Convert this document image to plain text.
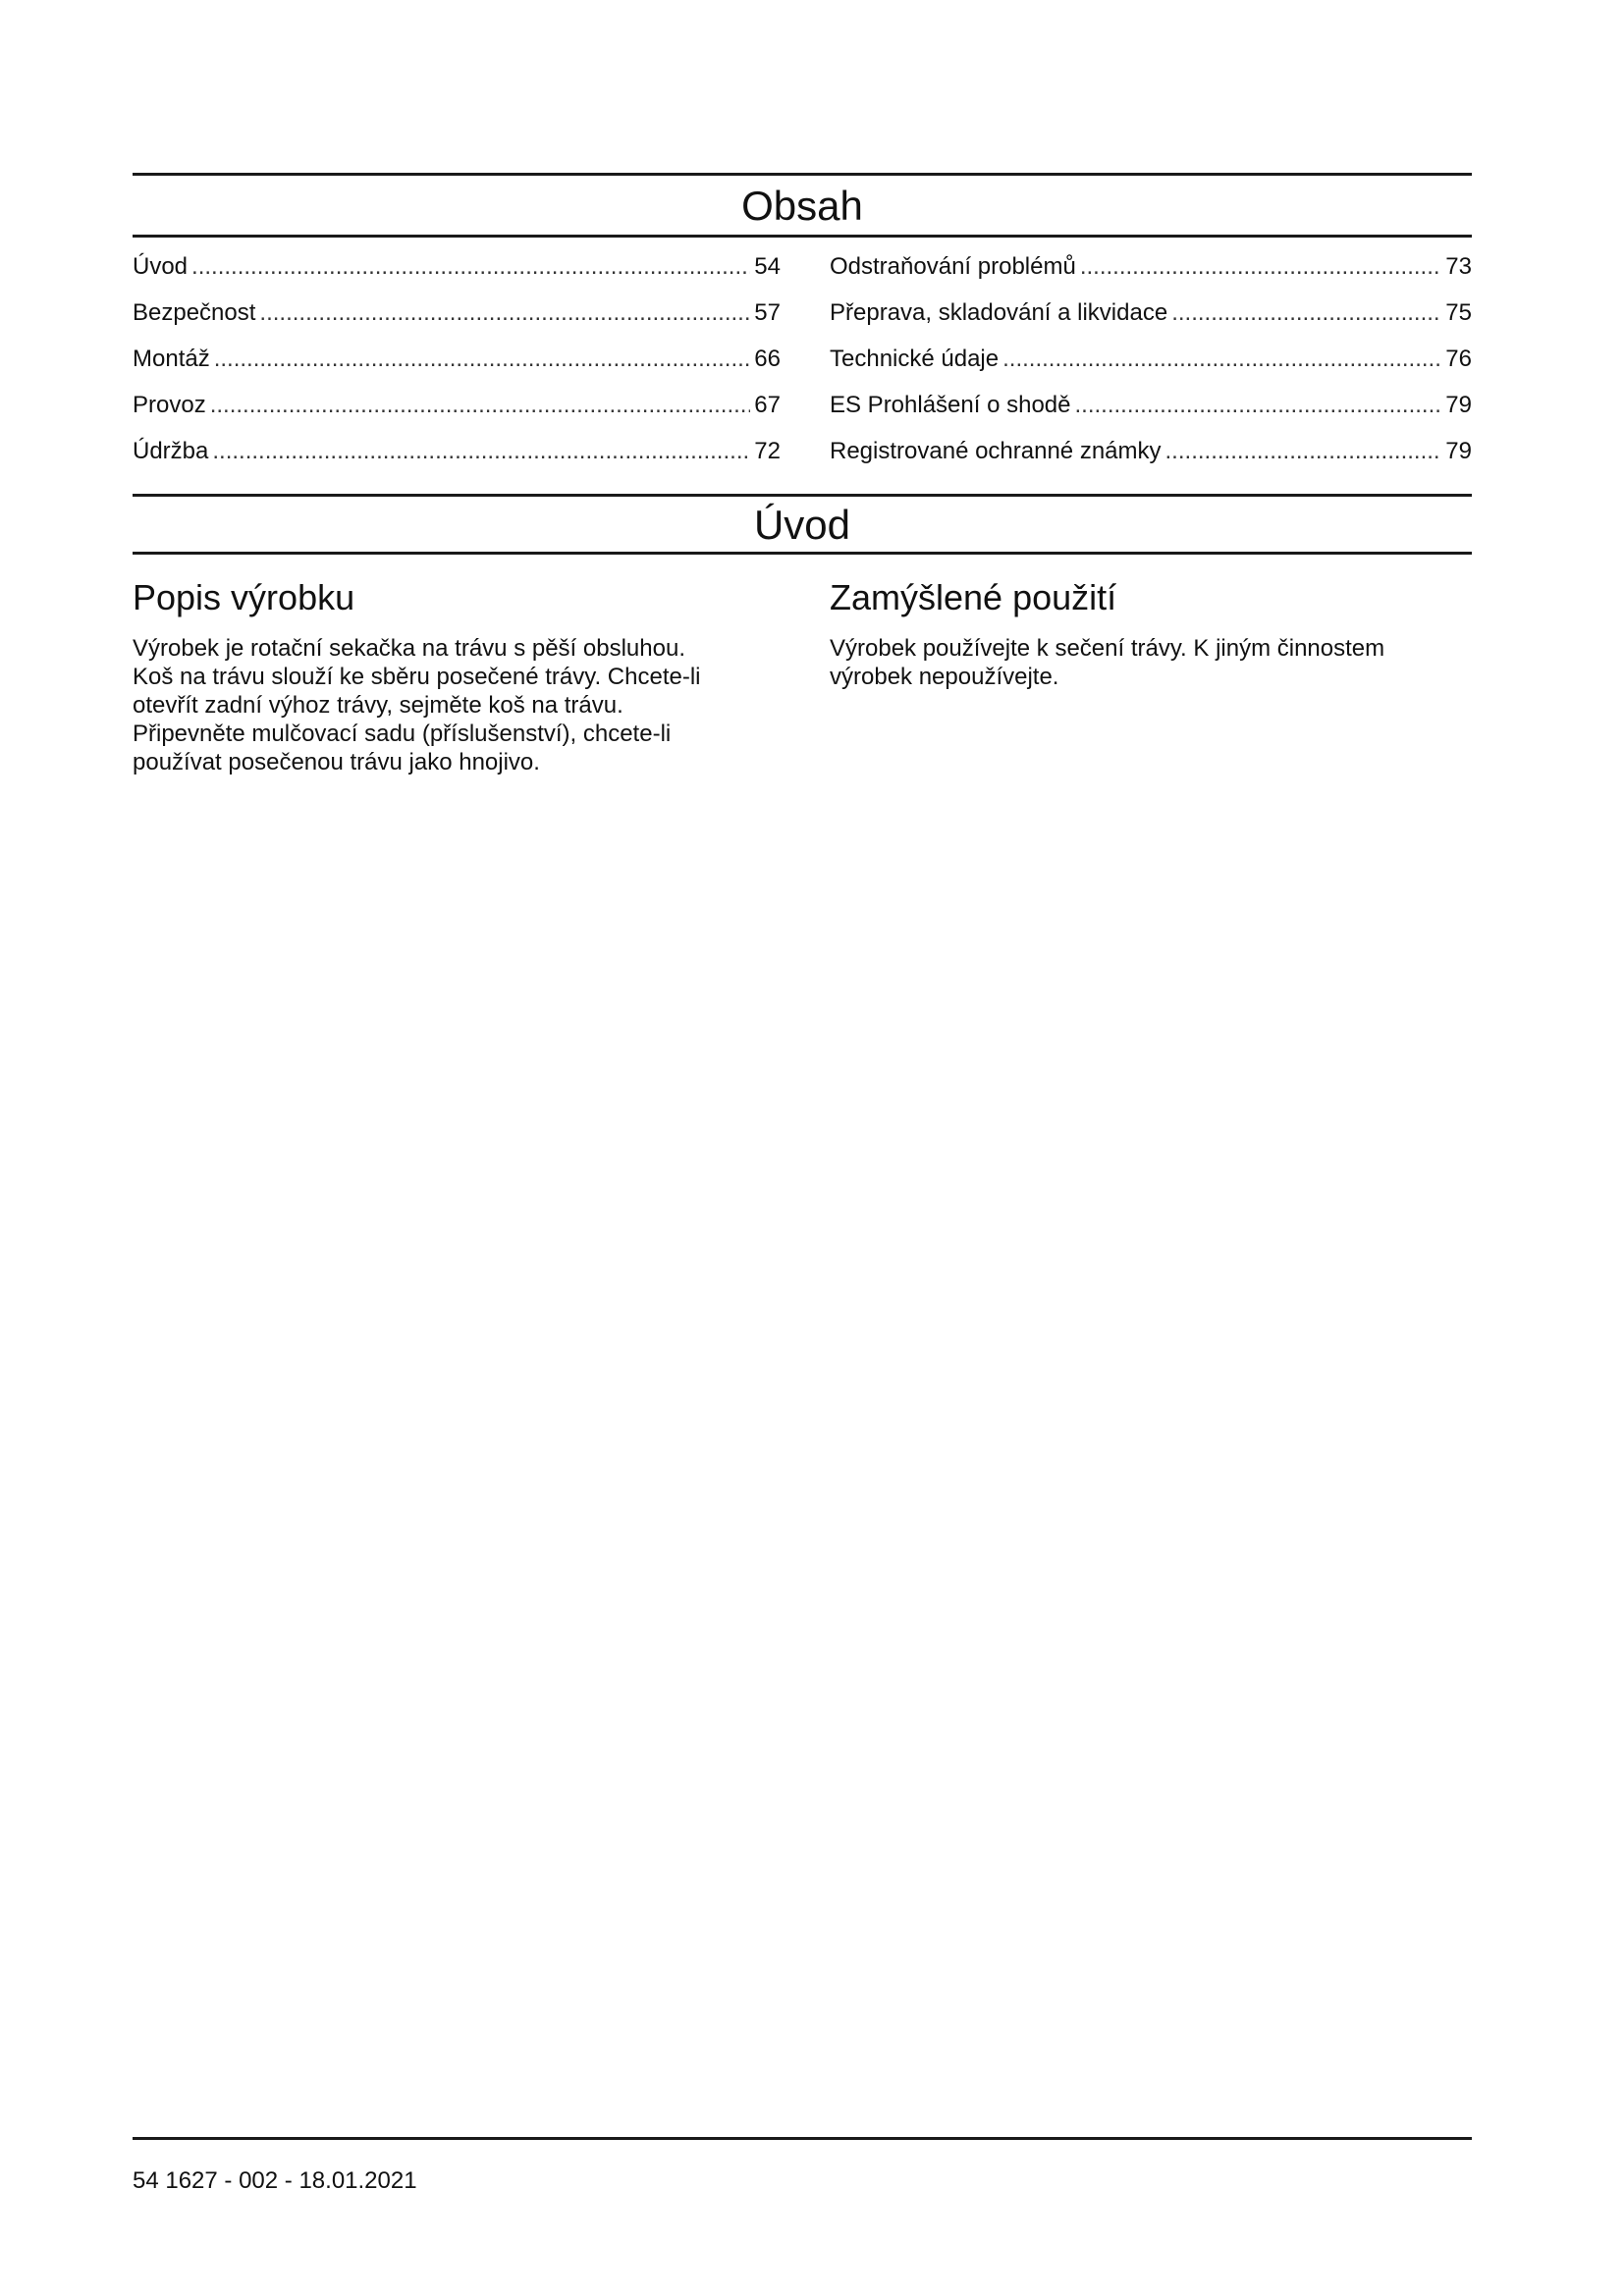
Obsah
Úvod .....	54
Bezpečnost .....	57
Montáž .....	66
Provoz .....	67
Údržba .....	72
Odstraňování problémů .....	73
Přeprava, skladování a likvidace .....	75
Technické údaje .....	76
ES Prohlášení o shodě .....	79
Registrované ochranné známky .....	79
Úvod
Popis výrobku
Výrobek je rotační sekačka na trávu s pěší obsluhou.
Koš na trávu slouží ke sběru posečené trávy. Chcete-li
otevřít zadní výhoz trávy, sejměte koš na trávu.
Připevněte mulčovací sadu (příslušenství), chcete-li
používat posečenou trávu jako hnojivo.
Zamýšlené použití
Výrobek používejte k sečení trávy. K jiným činnostem
výrobek nepoužívejte.
54 1627 - 002 - 18.01.2021
